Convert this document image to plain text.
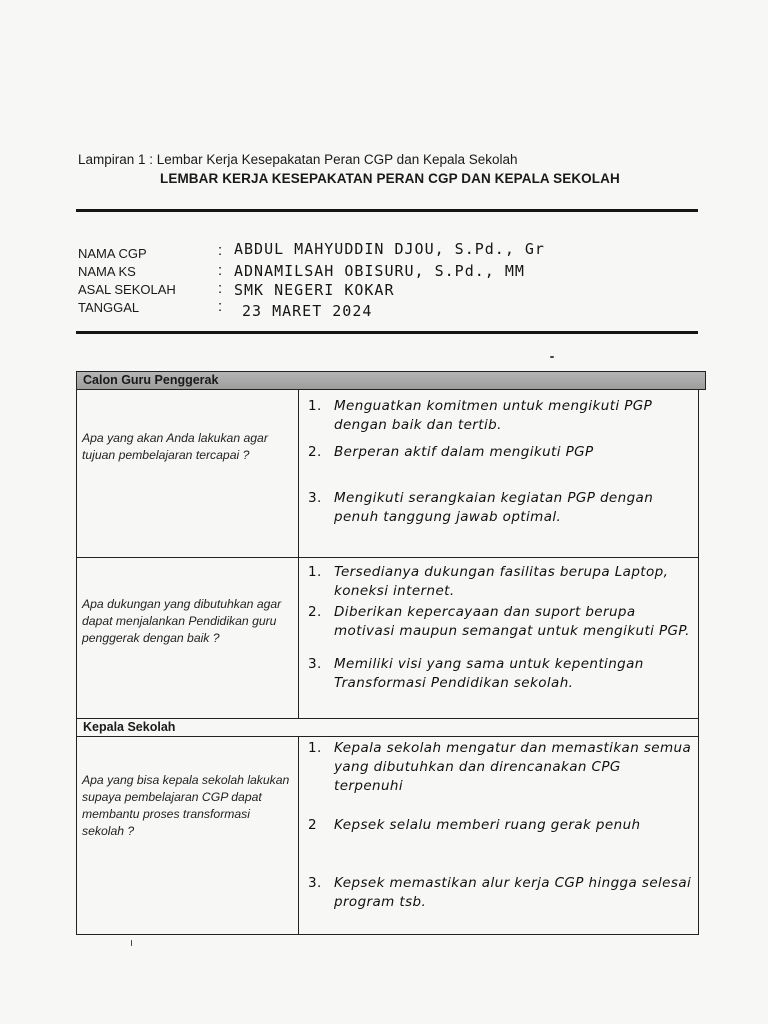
Lampiran 1 : Lembar Kerja Kesepakatan Peran CGP dan Kepala Sekolah
LEMBAR KERJA KESEPAKATAN PERAN CGP DAN KEPALA SEKOLAH
NAMA CGP	: ABDUL MAHYUDDIN DJOU, S.Pd., Gr
NAMA KS	: ADNAMILSAH OBISURU, S.Pd., MM
ASAL SEKOLAH	: SMK NEGERI KOKAR
TANGGAL	: 23 MARET 2024
Calon Guru Penggerak
Apa yang akan Anda lakukan agar tujuan pembelajaran tercapai ?
1. Menguatkan komitmen untuk mengikuti PGP dengan baik dan tertib.
2. Berperan aktif dalam mengikuti PGP
3. Mengikuti serangkaian kegiatan PGP dengan penuh tanggung jawab optimal.
Apa dukungan yang dibutuhkan agar dapat menjalankan Pendidikan guru penggerak dengan baik ?
1. Tersedianya dukungan fasilitas berupa Laptop, koneksi internet.
2. Diberikan kepercayaan dan suport berupa motivasi maupun semangat untuk mengikuti PGP.
3. Memiliki visi yang sama untuk kepentingan Transformasi Pendidikan sekolah.
Kepala Sekolah
Apa yang bisa kepala sekolah lakukan supaya pembelajaran CGP dapat membantu proses transformasi sekolah ?
1. Kepala sekolah mengatur dan memastikan semua yang dibutuhkan dan direncanakan CPG terpenuhi
2 Kepsek selalu memberi ruang gerak penuh
3. Kepsek memastikan alur kerja CGP hingga selesai program tsb.
